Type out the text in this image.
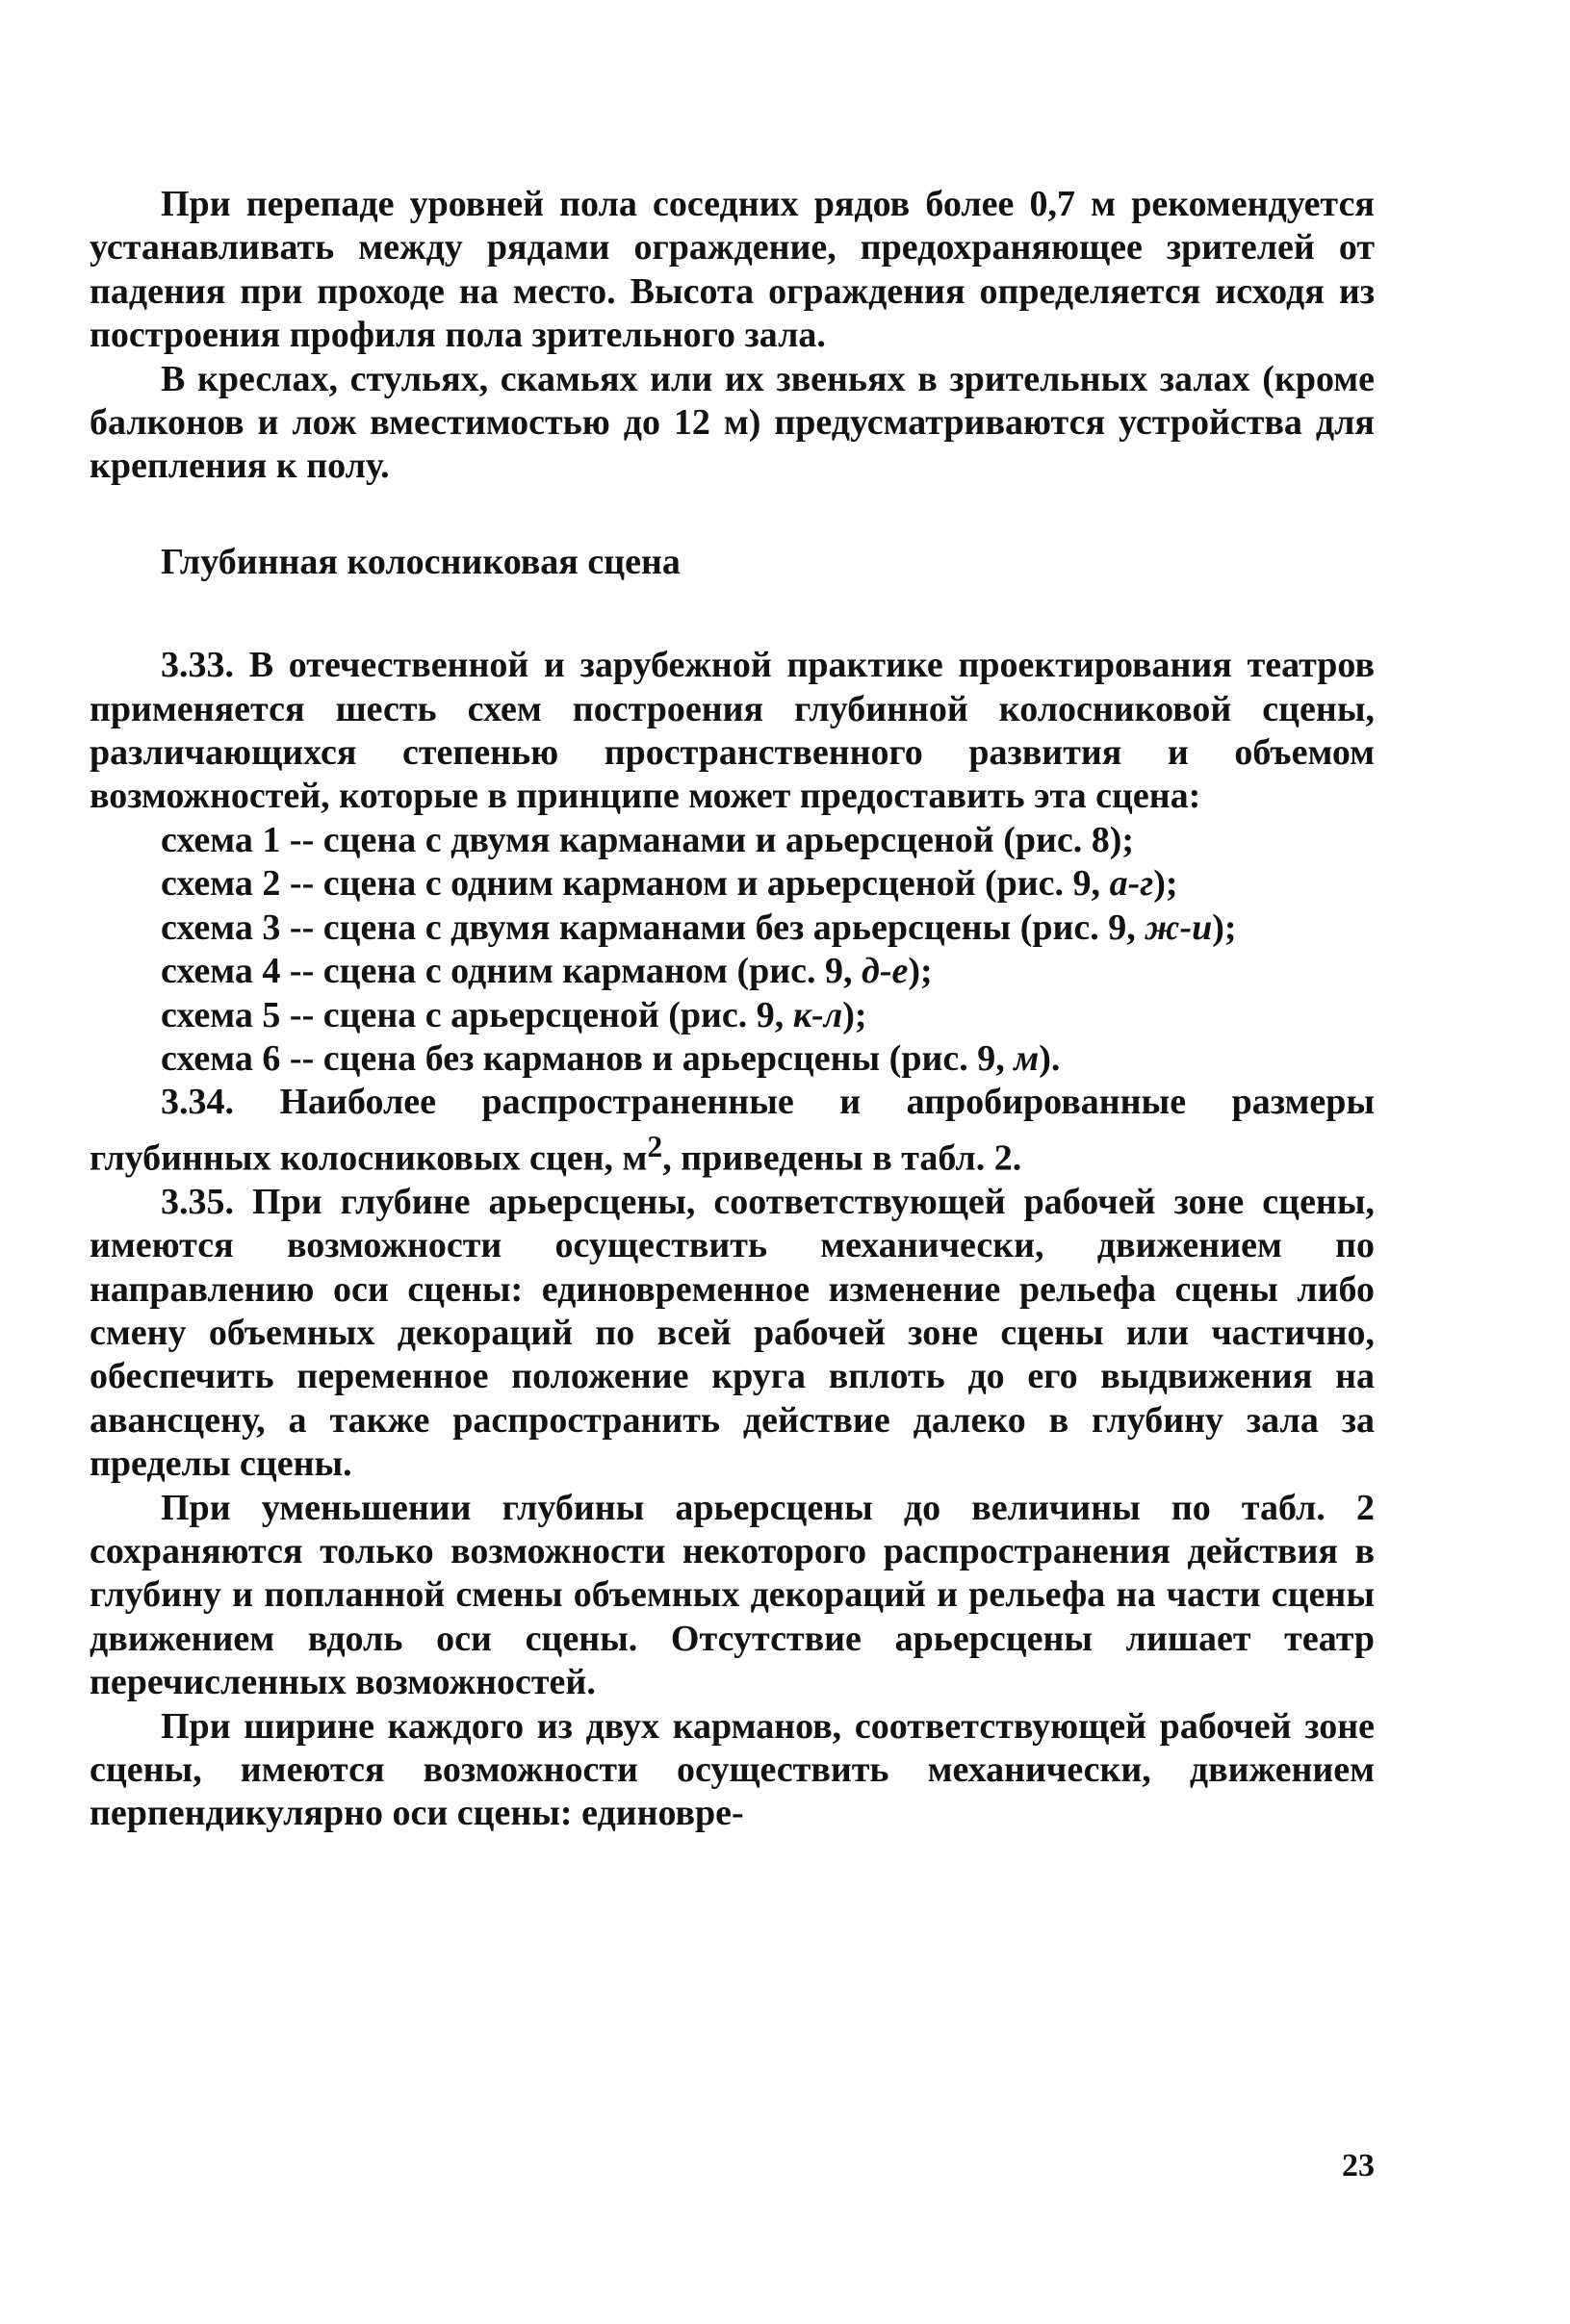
При перепаде уровней пола соседних рядов более 0,7 м рекомендуется устанавливать между рядами ограждение, предохраняющее зрителей от падения при проходе на место. Высота ограждения определяется исходя из построения профиля пола зрительного зала.

В креслах, стульях, скамьях или их звеньях в зрительных залах (кроме балконов и лож вместимостью до 12 м) предусматриваются устройства для крепления к полу.

Глубинная колосниковая сцена

3.33. В отечественной и зарубежной практике проектирования театров применяется шесть схем построения глубинной колосниковой сцены, различающихся степенью пространственного развития и объемом возможностей, которые в принципе может предоставить эта сцена:

схема 1 -- сцена с двумя карманами и арьерсценой (рис. 8);

схема 2 -- сцена с одним карманом и арьерсценой (рис. 9, а-г);

схема 3 -- сцена с двумя карманами без арьерсцены (рис. 9, ж-и);

схема 4 -- сцена с одним карманом (рис. 9, д-е);

схема 5 -- сцена с арьерсценой (рис. 9, к-л);

схема 6 -- сцена без карманов и арьерсцены (рис. 9, м).

3.34. Наиболее распространенные и апробированные размеры глубинных колосниковых сцен, $м^2$, приведены в табл. 2.

3.35. При глубине арьерсцены, соответствующей рабочей зоне сцены, имеются возможности осуществить механически, движением по направлению оси сцены: единовременное изменение рельефа сцены либо смену объемных декораций по всей рабочей зоне сцены или частично, обеспечить переменное положение круга вплоть до его выдвижения на авансцену, а также распространить действие далеко в глубину зала за пределы сцены.

При уменьшении глубины арьерсцены до величины по табл. 2 сохраняются только возможности некоторого распространения действия в глубину и попланной смены объемных декораций и рельефа на части сцены движением вдоль оси сцены. Отсутствие арьерсцены лишает театр перечисленных возможностей.

При ширине каждого из двух карманов, соответствующей рабочей зоне сцены, имеются возможности осуществить механически, движением перпендикулярно оси сцены: единовре-

23
